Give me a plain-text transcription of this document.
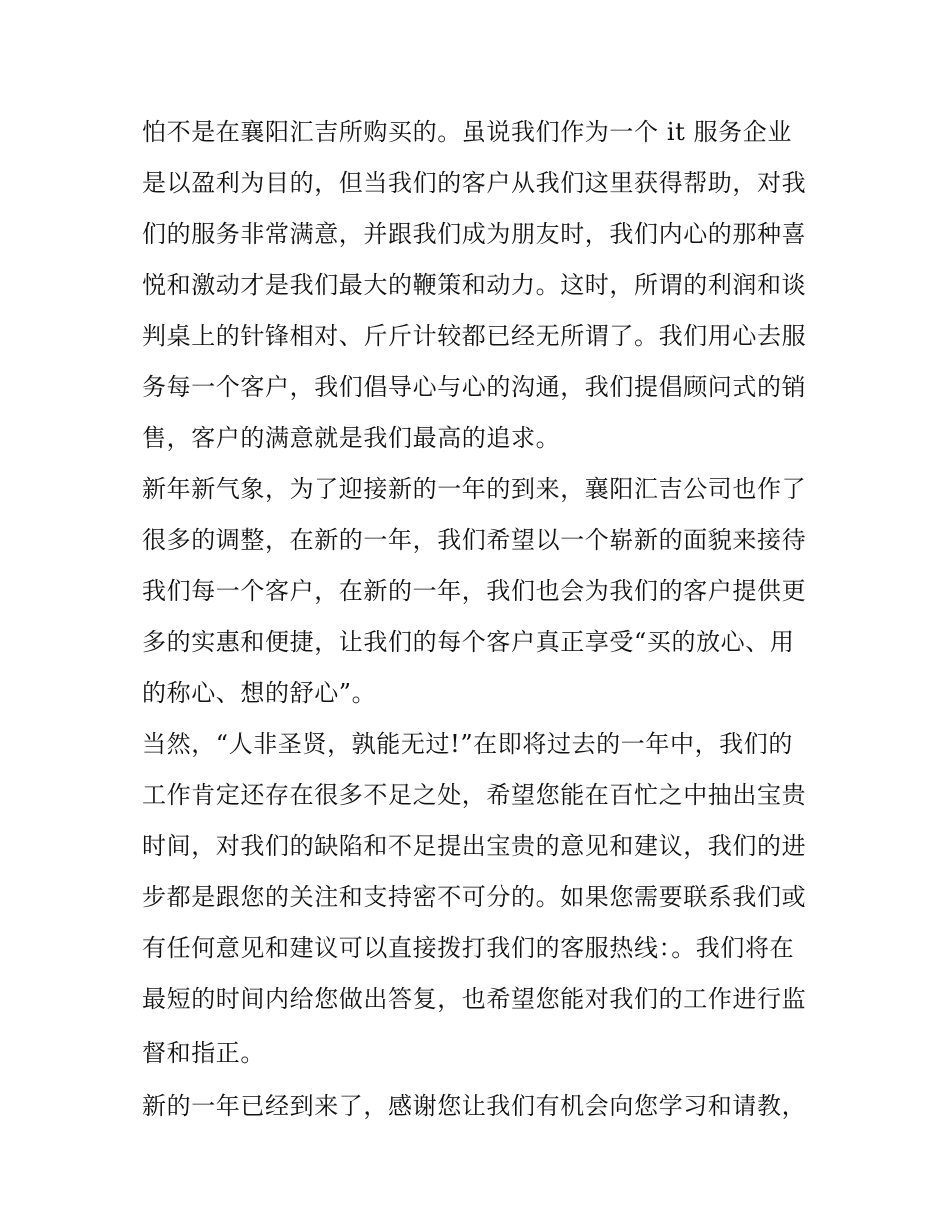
怕不是在襄阳汇吉所购买的。虽说我们作为一个 it 服务企业
是以盈利为目的，但当我们的客户从我们这里获得帮助，对我
们的服务非常满意，并跟我们成为朋友时，我们内心的那种喜
悦和激动才是我们最大的鞭策和动力。这时，所谓的利润和谈
判桌上的针锋相对、斤斤计较都已经无所谓了。我们用心去服
务每一个客户，我们倡导心与心的沟通，我们提倡顾问式的销
售，客户的满意就是我们最高的追求。
新年新气象，为了迎接新的一年的到来，襄阳汇吉公司也作了
很多的调整，在新的一年，我们希望以一个崭新的面貌来接待
我们每一个客户，在新的一年，我们也会为我们的客户提供更
多的实惠和便捷，让我们的每个客户真正享受“买的放心、用
的称心、想的舒心”。
当然，“人非圣贤，孰能无过!”在即将过去的一年中，我们的
工作肯定还存在很多不足之处，希望您能在百忙之中抽出宝贵
时间，对我们的缺陷和不足提出宝贵的意见和建议，我们的进
步都是跟您的关注和支持密不可分的。如果您需要联系我们或
有任何意见和建议可以直接拨打我们的客服热线：。我们将在
最短的时间内给您做出答复，也希望您能对我们的工作进行监
督和指正。
新的一年已经到来了，感谢您让我们有机会向您学习和请教，
